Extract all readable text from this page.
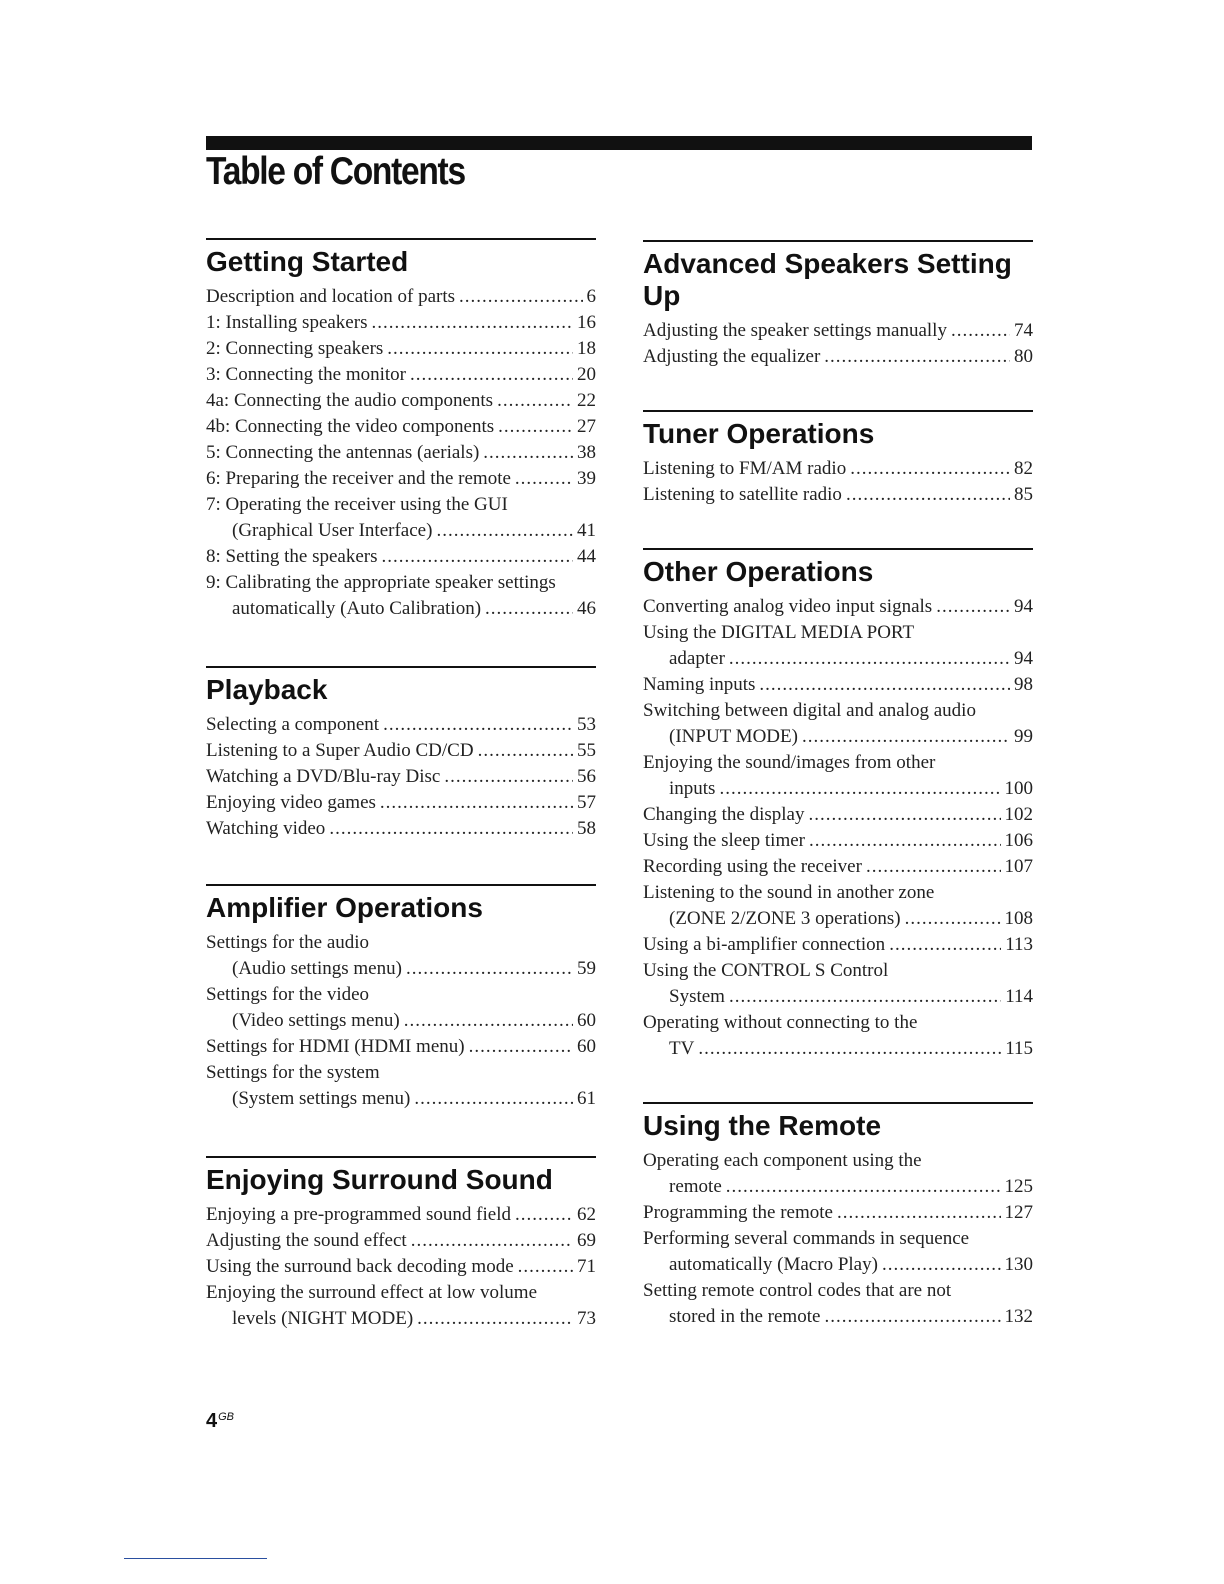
Table of Contents
Getting Started
Description and location of parts .....	6
1: Installing speakers .....	16
2: Connecting speakers .....	18
3: Connecting the monitor .....	20
4a: Connecting the audio components .....	22
4b: Connecting the video components .....	27
5: Connecting the antennas (aerials) .....	38
6: Preparing the receiver and the remote .....	39
7: Operating the receiver using the GUI
(Graphical User Interface) .....	41
8: Setting the speakers .....	44
9: Calibrating the appropriate speaker settings
automatically (Auto Calibration) .....	46
Playback
Selecting a component .....	53
Listening to a Super Audio CD/CD .....	55
Watching a DVD/Blu-ray Disc .....	56
Enjoying video games .....	57
Watching video .....	58
Amplifier Operations
Settings for the audio
(Audio settings menu) .....	59
Settings for the video
(Video settings menu) .....	60
Settings for HDMI (HDMI menu) .....	60
Settings for the system
(System settings menu) .....	61
Enjoying Surround Sound
Enjoying a pre-programmed sound field .....	62
Adjusting the sound effect .....	69
Using the surround back decoding mode .....	71
Enjoying the surround effect at low volume
levels (NIGHT MODE) .....	73
Advanced Speakers Setting Up
Adjusting the speaker settings manually .....	74
Adjusting the equalizer .....	80
Tuner Operations
Listening to FM/AM radio .....	82
Listening to satellite radio .....	85
Other Operations
Converting analog video input signals .....	94
Using the DIGITAL MEDIA PORT
adapter .....	94
Naming inputs .....	98
Switching between digital and analog audio
(INPUT MODE) .....	99
Enjoying the sound/images from other
inputs .....	100
Changing the display .....	102
Using the sleep timer .....	106
Recording using the receiver .....	107
Listening to the sound in another zone
(ZONE 2/ZONE 3 operations) .....	108
Using a bi-amplifier connection .....	113
Using the CONTROL S Control
System .....	114
Operating without connecting to the
TV .....	115
Using the Remote
Operating each component using the
remote .....	125
Programming the remote .....	127
Performing several commands in sequence
automatically (Macro Play) .....	130
Setting remote control codes that are not
stored in the remote .....	132

$4^{GB}$
